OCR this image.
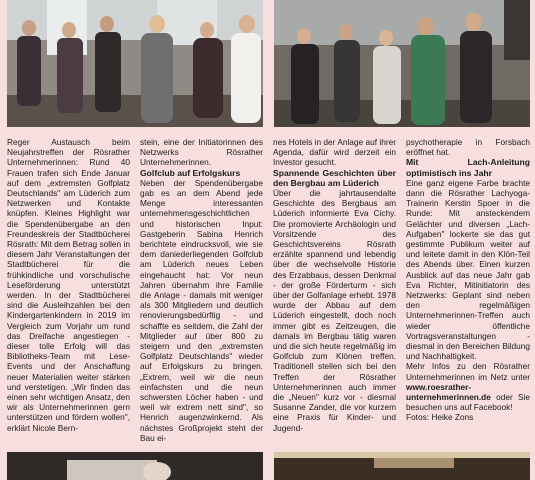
Reger Austausch beim Neujahrstreffen der Rösrather Unternehmerinnen: Rund 40 Frauen trafen sich Ende Januar auf dem „extremsten Golfplatz Deutschlands" am Lüderich zum Netzwerken und Kontakte knüpfen. Kleines Highlight war die Spendenübergabe an den Freundeskreis der Stadtbücherei Rösrath: Mit dem Betrag sollen in diesem Jahr Veranstaltungen der Stadtbücherei für die frühkindliche und vorschulische Leseförderung unterstützt werden. In der Stadtbücherei sind die Ausleihzahlen bei den Kindergartenkindern in 2019 im Vergleich zum Vorjahr um rund das Dreifache angestiegen - dieser tolle Erfolg will das Bibliotheks-Team mit Lese-Events und der Anschaffung neuer Materialien weiter stärken und verstetigen. „Wir finden das einen sehr wichtigen Ansatz, den wir als Unternehmerinnen gern unterstützen und fördern wollen", erklärt Nicole Bern-

stein, eine der Initiatorinnen des Netzwerks Rösrather Unternehmerinnen.

Golfclub auf Erfolgskurs

Neben der Spendenübergabe gab es an dem Abend jede Menge interessanten unternehmensgeschichtlichen und historischen Input: Gastgeberin Sabina Henrich berichtete eindrucksvoll, wie sie dem daniederliegenden Golfclub am Lüderich neues Leben eingehaucht hat: Vor neun Jahren übernahm ihre Familie die Anlage - damals mit weniger als 300 Mitgliedern und deutlich renovierungsbedürftig - und schaffte es seitdem, die Zahl der Mitglieder auf über 800 zu steigern und den „extremsten Golfplatz Deutschlands" wieder auf Erfolgskurs zu bringen. „Extrem, weil wir die neun einfachsten und die neun schwersten Löcher haben - und weil wir extrem nett sind", so Henrich augenzwinkernd. Als nächstes Großprojekt steht der Bau ei-

nes Hotels in der Anlage auf ihrer Agenda, dafür wird derzeit ein Investor gesucht.

Spannende Geschichten über den Bergbau am Lüderich

Über die jahrtausendalte Geschichte des Bergbaus am Lüderich informierte Eva Cichy. Die promovierte Archäologin und Vorsitzende des Geschichtsvereins Rösrath erzählte spannend und lebendig über die wechselvolle Historie des Erzabbaus, dessen Denkmal - der große Förderturm - sich über der Golfanlage erhebt. 1978 wurde der Abbau auf dem Lüderich eingestellt, doch noch immer gibt es Zeitzeugen, die damals im Bergbau tätig waren und die sich heute regelmäßig im Golfclub zum Klönen treffen. Traditionell stellen sich bei den Treffen der Rösrather Unternehmerinnen auch immer die „Neuen" kurz vor - diesmal Susanne Zander, die vor kurzem eine Praxis für Kinder- und Jugend-

psychotherapie in Forsbach eröffnet hat.

Mit Lach-Anleitung optimistisch ins Jahr

Eine ganz eigene Farbe brachte dann die Rösrather Lachyoga-Trainerin Kerstin Spoer in die Runde: Mit ansteckendem Gelächter und diversen „Lach-Aufgaben" lockerte sie das gut gestimmte Publikum weiter auf und leitete damit in den Klön-Teil des Abends über. Einen kurzen Ausblick auf das neue Jahr gab Eva Richter, Mitinitiatorin des Netzwerks: Geplant sind neben den regelmäßigen Unternehmerinnen-Treffen auch wieder öffentliche Vortragsveranstaltungen - diesmal in den Bereichen Bildung und Nachhaltigkeit.

Mehr Infos zu den Rösrather Unternehmerinnen im Netz unter www.roesrather-unternehmerinnen.de oder Sie besuchen uns auf Facebook!

Fotos: Heike Zons
